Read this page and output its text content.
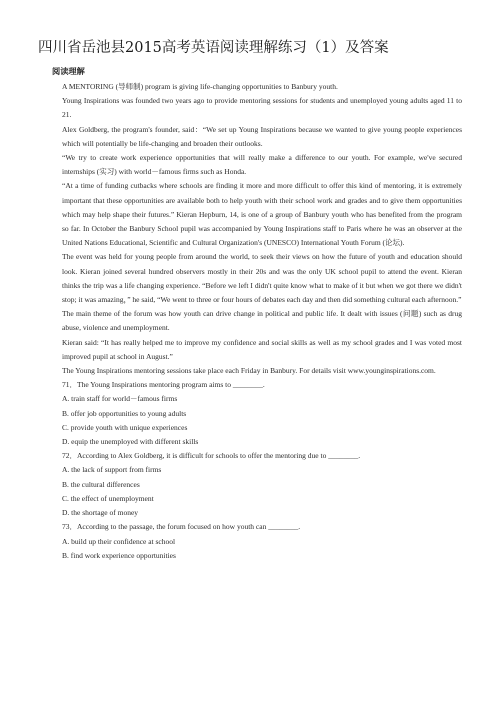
四川省岳池县2015高考英语阅读理解练习（1）及答案
阅读理解

A MENTORING (导师制) program is giving life-changing opportunities to Banbury youth.

Young Inspirations was founded two years ago to provide mentoring sessions for students and unemployed young adults aged 11 to 21.

Alex Goldberg, the program's founder, said：“We set up Young Inspirations because we wanted to give young people experiences which will potentially be life-changing and broaden their outlooks.

“We try to create work experience opportunities that will really make a difference to our youth. For example, we've secured internships (实习) with world－famous firms such as Honda.

“At a time of funding cutbacks where schools are finding it more and more difficult to offer this kind of mentoring, it is extremely important that these opportunities are available both to help youth with their school work and grades and to give them opportunities which may help shape their futures.” Kieran Hepburn, 14, is one of a group of Banbury youth who has benefited from the program so far. In October the Banbury School pupil was accompanied by Young Inspirations staff to Paris where he was an observer at the United Nations Educational, Scientific and Cultural Organization's (UNESCO) International Youth Forum (论坛).

The event was held for young people from around the world, to seek their views on how the future of youth and education should look. Kieran joined several hundred observers mostly in their 20s and was the only UK school pupil to attend the event. Kieran thinks the trip was a life changing experience. “Before we left I didn't quite know what to make of it but when we got there we didn't stop; it was amazing，” he said, “We went to three or four hours of debates each day and then did something cultural each afternoon.”

The main theme of the forum was how youth can drive change in political and public life. It dealt with issues (问题) such as drug abuse, violence and unemployment.

Kieran said: “It has really helped me to improve my confidence and social skills as well as my school grades and I was voted most improved pupil at school in August.”

The Young Inspirations mentoring sessions take place each Friday in Banbury. For details visit www.younginspirations.com.

71．The Young Inspirations mentoring program aims to ________.

A. train staff for world－famous firms

B. offer job opportunities to young adults

C. provide youth with unique experiences

D. equip the unemployed with different skills

72．According to Alex Goldberg, it is difficult for schools to offer the mentoring due to ________.

A. the lack of support from firms

B. the cultural differences

C. the effect of unemployment

D. the shortage of money

73．According to the passage, the forum focused on how youth can ________.

A. build up their confidence at school

B. find work experience opportunities
